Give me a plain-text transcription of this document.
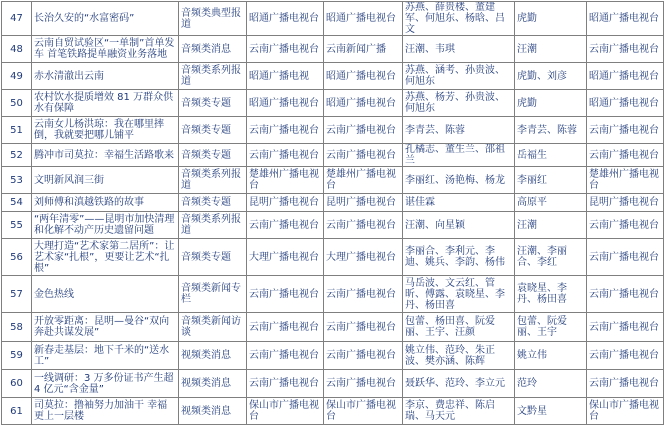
47	长治久安的“水富密码”	音频类典型报道	昭通广播电视台	昭通广播电视台	苏燕、薛贵楼、董建军、何旭东、杨晗、吕文	虎勤	昭通广播电视台
48	云南自贸试验区“一单制”首单发车 首笔铁路提单融资业务落地	音频类消息	云南广播电视台	云南新闻广播	汪潮、韦琪	汪潮	云南广播电视台
49	赤水清澈出云南	音频类系列报道	昭通广播电视	昭通广播电视台	苏燕、涵考、孙贵波、何旭东	虎勤、刘彦	昭通广播电视台
50	农村饮水提质增效 81 万群众供水有保障	音频类专题	昭通广播电视台	昭通广播电视台	苏燕、杨芳、孙贵波、何旭东	虎勤	昭通广播电视台
51	云南女儿杨洪琼：我在哪里摔倒，我就要把哪儿铺平	音频类专题	云南广播电视台	云南广播电视台	李青芸、陈蓉	李青芸、陈蓉	云南广播电视台
52	腾冲市司莫拉：幸福生活路歌来	音频类专题	云南广播电视台	云南广播电视台	孔橘志、董生兰、邵祖兰	岳福生	云南广播电视台
53	文明新风润三街	音频类系列报道	楚雄州广播电视台	楚雄州广播电视台	李丽红、汤艳梅、杨龙	李丽红	楚雄州广播电视台
54	刘师傅和滇越铁路的故事	音频类专题	昆明广播电视台	昆明广播电视台	谌佳霖	高原平	昆明广播电视台
55	“两年清零”——昆明市加快清理和化解不动产历史遗留问题	音频类系列报道	云南广播电视台	云南广播电视台	汪潮、向星颖	汪潮	云南广播电视台
56	大理打造“艺术家第二居所”：让艺术家“扎根”，更要让艺术“扎根”	音频类专题	大理广播电视台	大理广播电视台	李丽合、李利元、李迪、姚兵、李韵、杨伟	汪潮、李丽合、李红	云南广播电视台
57	金色热线	音频类新闻专栏	云南广播电视台	云南广播电视台	马岳波、文云红、管昕、傅露、袁晓星、李丹、杨田喜	袁晓星、李丹、杨田喜	云南广播电视台
58	开放零距离：昆明—曼谷“双向奔赴共谋发展”	音频类新闻访谈	云南广播电视台	云南广播电视台	包蕾、杨田喜、阮爱丽、王宇、汪颜	包蕾、阮爱丽、王宇	云南广播电视台
59	新春走基层：地下千米的“送水工”	视频类消息	云南广播电视台	云南广播电视台	姚立伟、范玲、朱正波、樊亦涵、陈辉	姚立伟	云南广播电视台
60	一线调研：3 万多份证书产生超 4 亿元“含金量”	视频类消息	云南广播电视台	云南广播电视台	聂跃华、范玲、李立元	范玲	云南广播电视台
61	司莫拉：撸袖努力加油干 幸福更上一层楼	视频类消息	保山市广播电视台	保山市广播电视台	李京、费忠祥、陈启瑞、马天元	文黔星	保山市广播电视台
